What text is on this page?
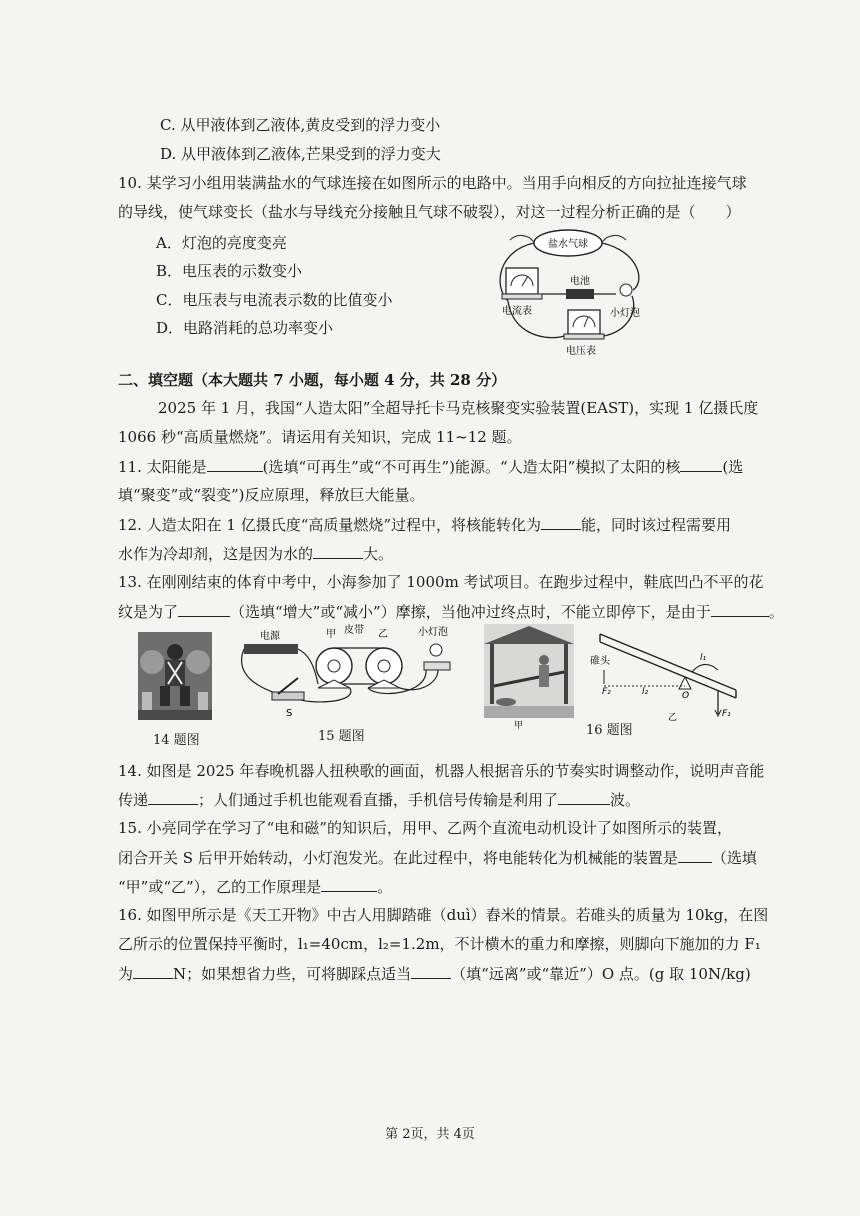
C. 从甲液体到乙液体,黄皮受到的浮力变小
D. 从甲液体到乙液体,芒果受到的浮力变大
10. 某学习小组用装满盐水的气球连接在如图所示的电路中。当用手向相反的方向拉扯连接气球
的导线，使气球变长（盐水与导线充分接触且气球不破裂），对这一过程分析正确的是（　　）
A．灯泡的亮度变亮
B．电压表的示数变小
C．电压表与电流表示数的比值变小
D．电路消耗的总功率变小
盐水气球
电流表
电池
小灯泡
电压表
二、填空题（本大题共 7 小题，每小题 4 分，共 28 分）
2025 年 1 月，我国“人造太阳”全超导托卡马克核聚变实验装置(EAST)，实现 1 亿摄氏度
1066 秒“高质量燃烧”。请运用有关知识，完成 11~12 题。
11. 太阳能是	(选填“可再生”或“不可再生”)能源。“人造太阳”模拟了太阳的核	(选
填“聚变”或“裂变”)反应原理，释放巨大能量。
12. 人造太阳在 1 亿摄氏度“高质量燃烧”过程中，将核能转化为	能，同时该过程需要用
水作为冷却剂，这是因为水的	大。
13. 在刚刚结束的体育中考中，小海参加了 1000m 考试项目。在跑步过程中，鞋底凹凸不平的花
纹是为了	（选填“增大”或“减小”）摩擦，当他冲过终点时，不能立即停下，是由于	。
14 题图
电源	甲 皮带 乙	小灯泡
S
15 题图
甲
碓头
O
F₂	l₂
l₁
F₁
乙
16 题图
14. 如图是 2025 年春晚机器人扭秧歌的画面，机器人根据音乐的节奏实时调整动作，说明声音能
传递	；人们通过手机也能观看直播，手机信号传输是利用了	波。
15. 小亮同学在学习了“电和磁”的知识后，用甲、乙两个直流电动机设计了如图所示的装置，
闭合开关 S 后甲开始转动，小灯泡发光。在此过程中，将电能转化为机械能的装置是 （选填
“甲”或“乙”），乙的工作原理是	。
16. 如图甲所示是《天工开物》中古人用脚踏碓（duì）舂米的情景。若碓头的质量为 10kg，在图
乙所示的位置保持平衡时，l₁=40cm，l₂=1.2m，不计横木的重力和摩擦，则脚向下施加的力 F₁
为	N；如果想省力些，可将脚踩点适当	（填“远离”或“靠近”）O 点。(g 取 10N/kg)
第 2页，共 4页
